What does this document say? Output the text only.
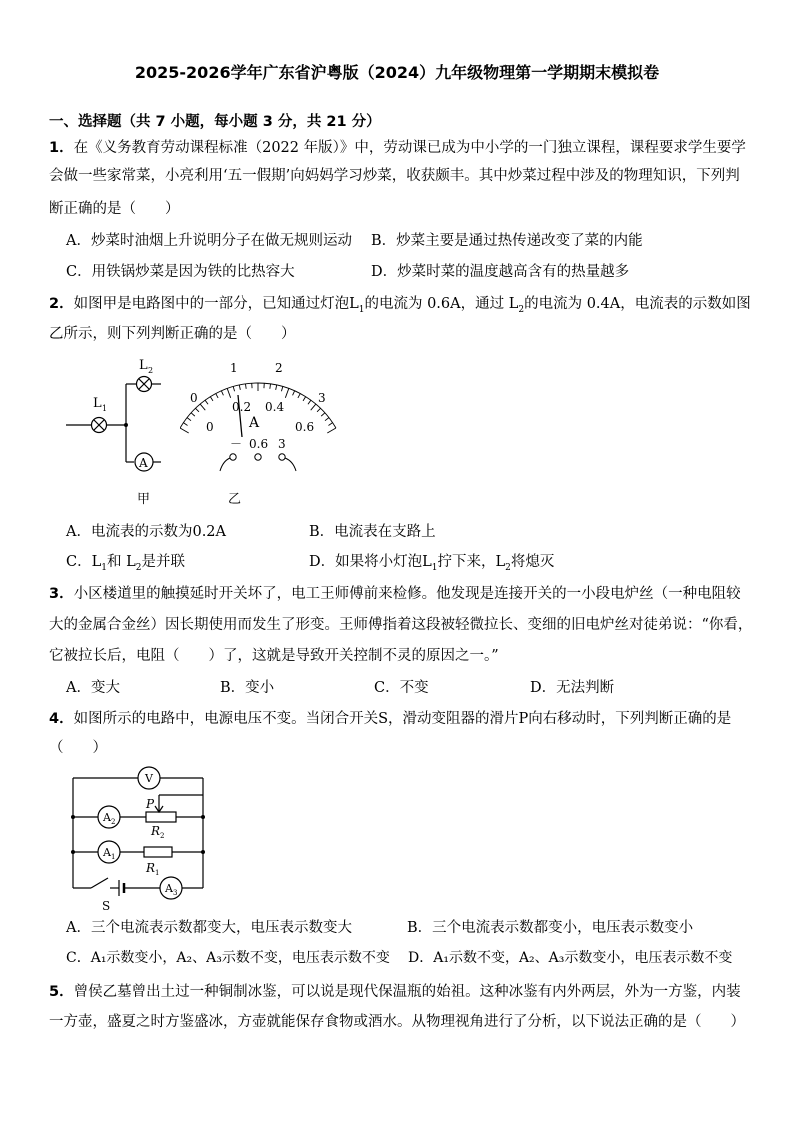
2025-2026学年广东省沪粤版（2024）九年级物理第一学期期末模拟卷
一、选择题（共 7 小题，每小题 3 分，共 21 分）
1．在《义务教育劳动课程标准（2022 年版）》中，劳动课已成为中小学的一门独立课程，课程要求学生要学
会做一些家常菜，小亮利用‘五一假期’向妈妈学习炒菜，收获颇丰。其中炒菜过程中涉及的物理知识，下列判
断正确的是（　　）
A．炒菜时油烟上升说明分子在做无规则运动 B．炒菜主要是通过热传递改变了菜的内能
C．用铁锅炒菜是因为铁的比热容大	D．炒菜时菜的温度越高含有的热量越多
2．如图甲是电路图中的一部分，已知通过灯泡$L_1$的电流为 0.6A，通过 $L_2$的电流为 0.4A，电流表的示数如图
乙所示，则下列判断正确的是（　　）
L 1
L 2
A
甲
0
1	2
3
0
0.2 0.4
0.6
A
－ 0.6 3
乙
A．电流表的示数为0.2A	B．电流表在支路上
C．$L_1$和 $L_2$是并联	D．如果将小灯泡$L_1$拧下来，$L_2$将熄灭
3．小区楼道里的触摸延时开关坏了，电工王师傅前来检修。他发现是连接开关的一小段电炉丝（一种电阻较
大的金属合金丝）因长期使用而发生了形变。王师傅指着这段被轻微拉长、变细的旧电炉丝对徒弟说：“你看，
它被拉长后，电阻（　　）了，这就是导致开关控制不灵的原因之一。”
A．变大	B．变小	C．不变	D．无法判断
4．如图所示的电路中，电源电压不变。当闭合开关S，滑动变阻器的滑片P向右移动时，下列判断正确的是
（　　）
V
A 2
A 1
A 3
P
R 2
R 1
S
A．三个电流表示数都变大，电压表示数变大	B．三个电流表示数都变小，电压表示数变小
C．A₁示数变小，A₂、A₃示数不变，电压表示数不变 D．A₁示数不变，A₂、A₃示数变小，电压表示数不变
5．曾侯乙墓曾出土过一种铜制冰鉴，可以说是现代保温瓶的始祖。这种冰鉴有内外两层，外为一方鉴，内装
一方壶，盛夏之时方鉴盛冰，方壶就能保存食物或酒水。从物理视角进行了分析，以下说法正确的是（　　）
